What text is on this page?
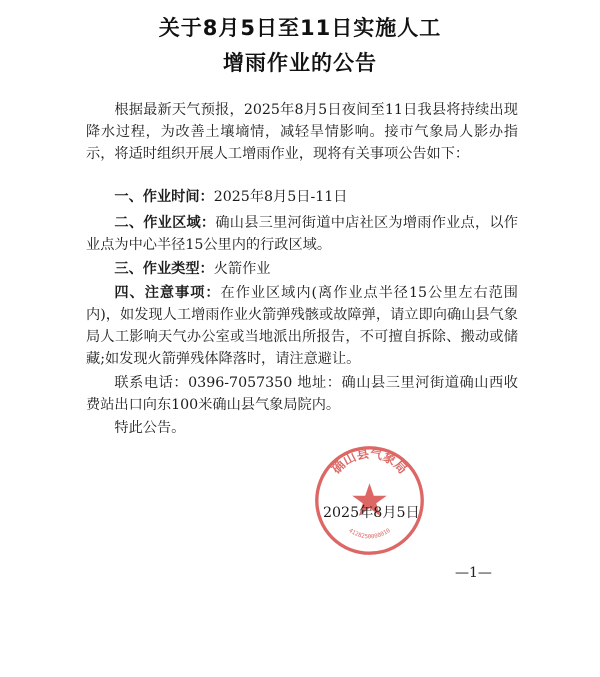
关于8月5日至11日实施人工
增雨作业的公告

根据最新天气预报，2025年8月5日夜间至11日我县将持续出现降水过程，为改善土壤墒情，减轻旱情影响。接市气象局人影办指示，将适时组织开展人工增雨作业，现将有关事项公告如下：

一、作业时间：2025年8月5日-11日

二、作业区域：确山县三里河街道中店社区为增雨作业点，以作业点为中心半径15公里内的行政区域。

三、作业类型：火箭作业

四、注意事项：在作业区域内(离作业点半径15公里左右范围内)，如发现人工增雨作业火箭弹残骸或故障弹，请立即向确山县气象局人工影响天气办公室或当地派出所报告，不可擅自拆除、搬动或储藏;如发现火箭弹残体降落时，请注意避让。

联系电话：0396-7057350 地址：确山县三里河街道确山西收费站出口向东100米确山县气象局院内。

特此公告。

确山县气象局
4128250000010
2025年8月5日
—1—
